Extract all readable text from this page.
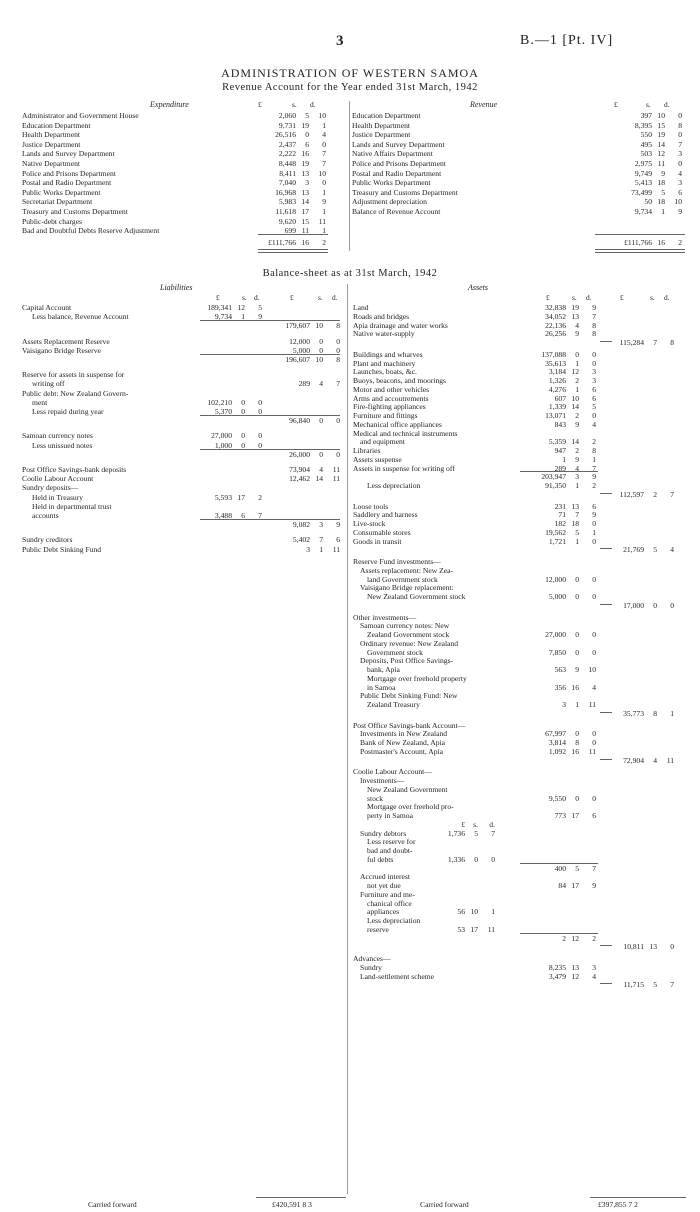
3	B.—1 [Pt. IV]
ADMINISTRATION OF WESTERN SAMOA
Revenue Account for the Year ended 31st March, 1942
Balance-sheet as at 31st March, 1942
Expenditure	Revenue
£	£
s.	s.
d.	d.
Administrator and Government House	2,060	5	10
Education Department	9,731 19	1
Health Department	26,516	0	4
Justice Department	2,437	6	0
Lands and Survey Department	2,222 16	7
Native Department	8,448 19	7
Police and Prisons Department	8,411 13	10
Postal and Radio Department	7,040	3	0
Public Works Department	16,968 13	1
Secretariat Department	5,983 14	9
Treasury and Customs Department	11,618 17	1
Public-debt charges	9,620 15	11
Bad and Doubtful Debts Reserve Adjustment	699 11	1
Education Department	397 10	0
Health Department	8,395 15	8
Justice Department	550 19	0
Lands and Survey Department	495 14	7
Native Affairs Department	503 12	3
Police and Prisons Department	2,975 11	0
Postal and Radio Department	9,749	9	4
Public Works Department	5,413 18	3
Treasury and Customs Department	73,499	5	6
Adjustment depreciation	50 18	10
Balance of Revenue Account	9,734	1	9
£111,766 16	2	£111,766 16	2
Liabilities	Assets
£	s. d.	£	s. d.	£	s. d.	£	s. d.
Capital Account	189,341 12	5
Less balance, Revenue Account	9,734	1	9
179,607 10	8
Assets Replacement Reserve	12,000	0	0
Vaisigano Bridge Reserve	5,000	0	0
196,607 10	8
Reserve for assets in suspense for
writing off	289	4	7
Public debt: New Zealand Govern-
ment	102,210	0	0
Less repaid during year	5,370	0	0
96,840	0	0
Samoan currency notes	27,000	0	0
Less unissued notes	1,000	0	0
26,000	0	0
Post Office Savings-bank deposits	73,904	4	11
Coolie Labour Account	12,462 14	11
Sundry deposits—
Held in Treasury	5,593 17	2
Held in departmental trust
accounts	3,488	6	7
9,082	3	9
Sundry creditors	5,402	7	6
Public Debt Sinking Fund	3	1	11
Land	32,838 19	9
Roads and bridges	34,052 13	7
Apia drainage and water works	22,136	4	8
Native water-supply	26,256	9	8
115,284	7	8
Buildings and wharves	137,088	0	0
Plant and machinery	35,613	1	0
Launches, boats, &c.	3,184 12	3
Buoys, beacons, and moorings	1,326	2	3
Motor and other vehicles	4,276	1	6
Arms and accoutrements	607 10	6
Fire-fighting appliances	1,339 14	5
Furniture and fittings	13,071	2	0
Mechanical office appliances	843	9	4
Medical and technical instruments
and equipment	5,359 14	2
Libraries	947	2	8
Assets suspense	1	9	1
Assets in suspense for writing off	289	4	7
203,947	3	9
Less depreciation	91,350	1	2
112,597	2	7
Loose tools	231 13	6
Saddlery and harness	71	7	9
Live-stock	182 18	0
Consumable stores	19,562	5	1
Goods in transit	1,721	1	0
21,769	5	4
Reserve Fund investments—
Assets replacement: New Zea-
land Government stock	12,000	0	0
Vaisigano Bridge replacement:
New Zealand Government stock	5,000	0	0
17,000	0	0
Other investments—
Samoan currency notes: New
Zealand Government stock	27,000	0	0
Ordinary revenue: New Zealand
Government stock	7,850	0	0
Deposits, Post Office Savings-
bank, Apia	563	9	10
Mortgage over freehold property
in Samoa	356 16	4
Public Debt Sinking Fund: New
Zealand Treasury	3	1	11
35,773	8	1
Post Office Savings-bank Account—
Investments in New Zealand	67,997	0	0
Bank of New Zealand, Apia	3,814	8	0
Postmaster's Account, Apia	1,092 16	11
72,904	4	11
Coolie Labour Account—
Investments—
New Zealand Government
stock	9,550	0	0
Mortgage over freehold pro-
perty in Samoa	773 17	6
£	s.	d.
Sundry debtors	1,736	5	7
Less reserve for
bad and doubt-
ful debts	1,336	0	0
400	5	7
Accrued interest
not yet due	84 17	9
Furniture and me-
chanical office
appliances	56 10	1
Less depreciation
reserve	53 17	11
2 12	2
10,811 13	0
Advances—
Sundry	8,235 13	3
Land-settlement scheme	3,479 12	4
11,715	5	7
Carried forward	£420,591 8 3	Carried forward	£397,855 7 2
